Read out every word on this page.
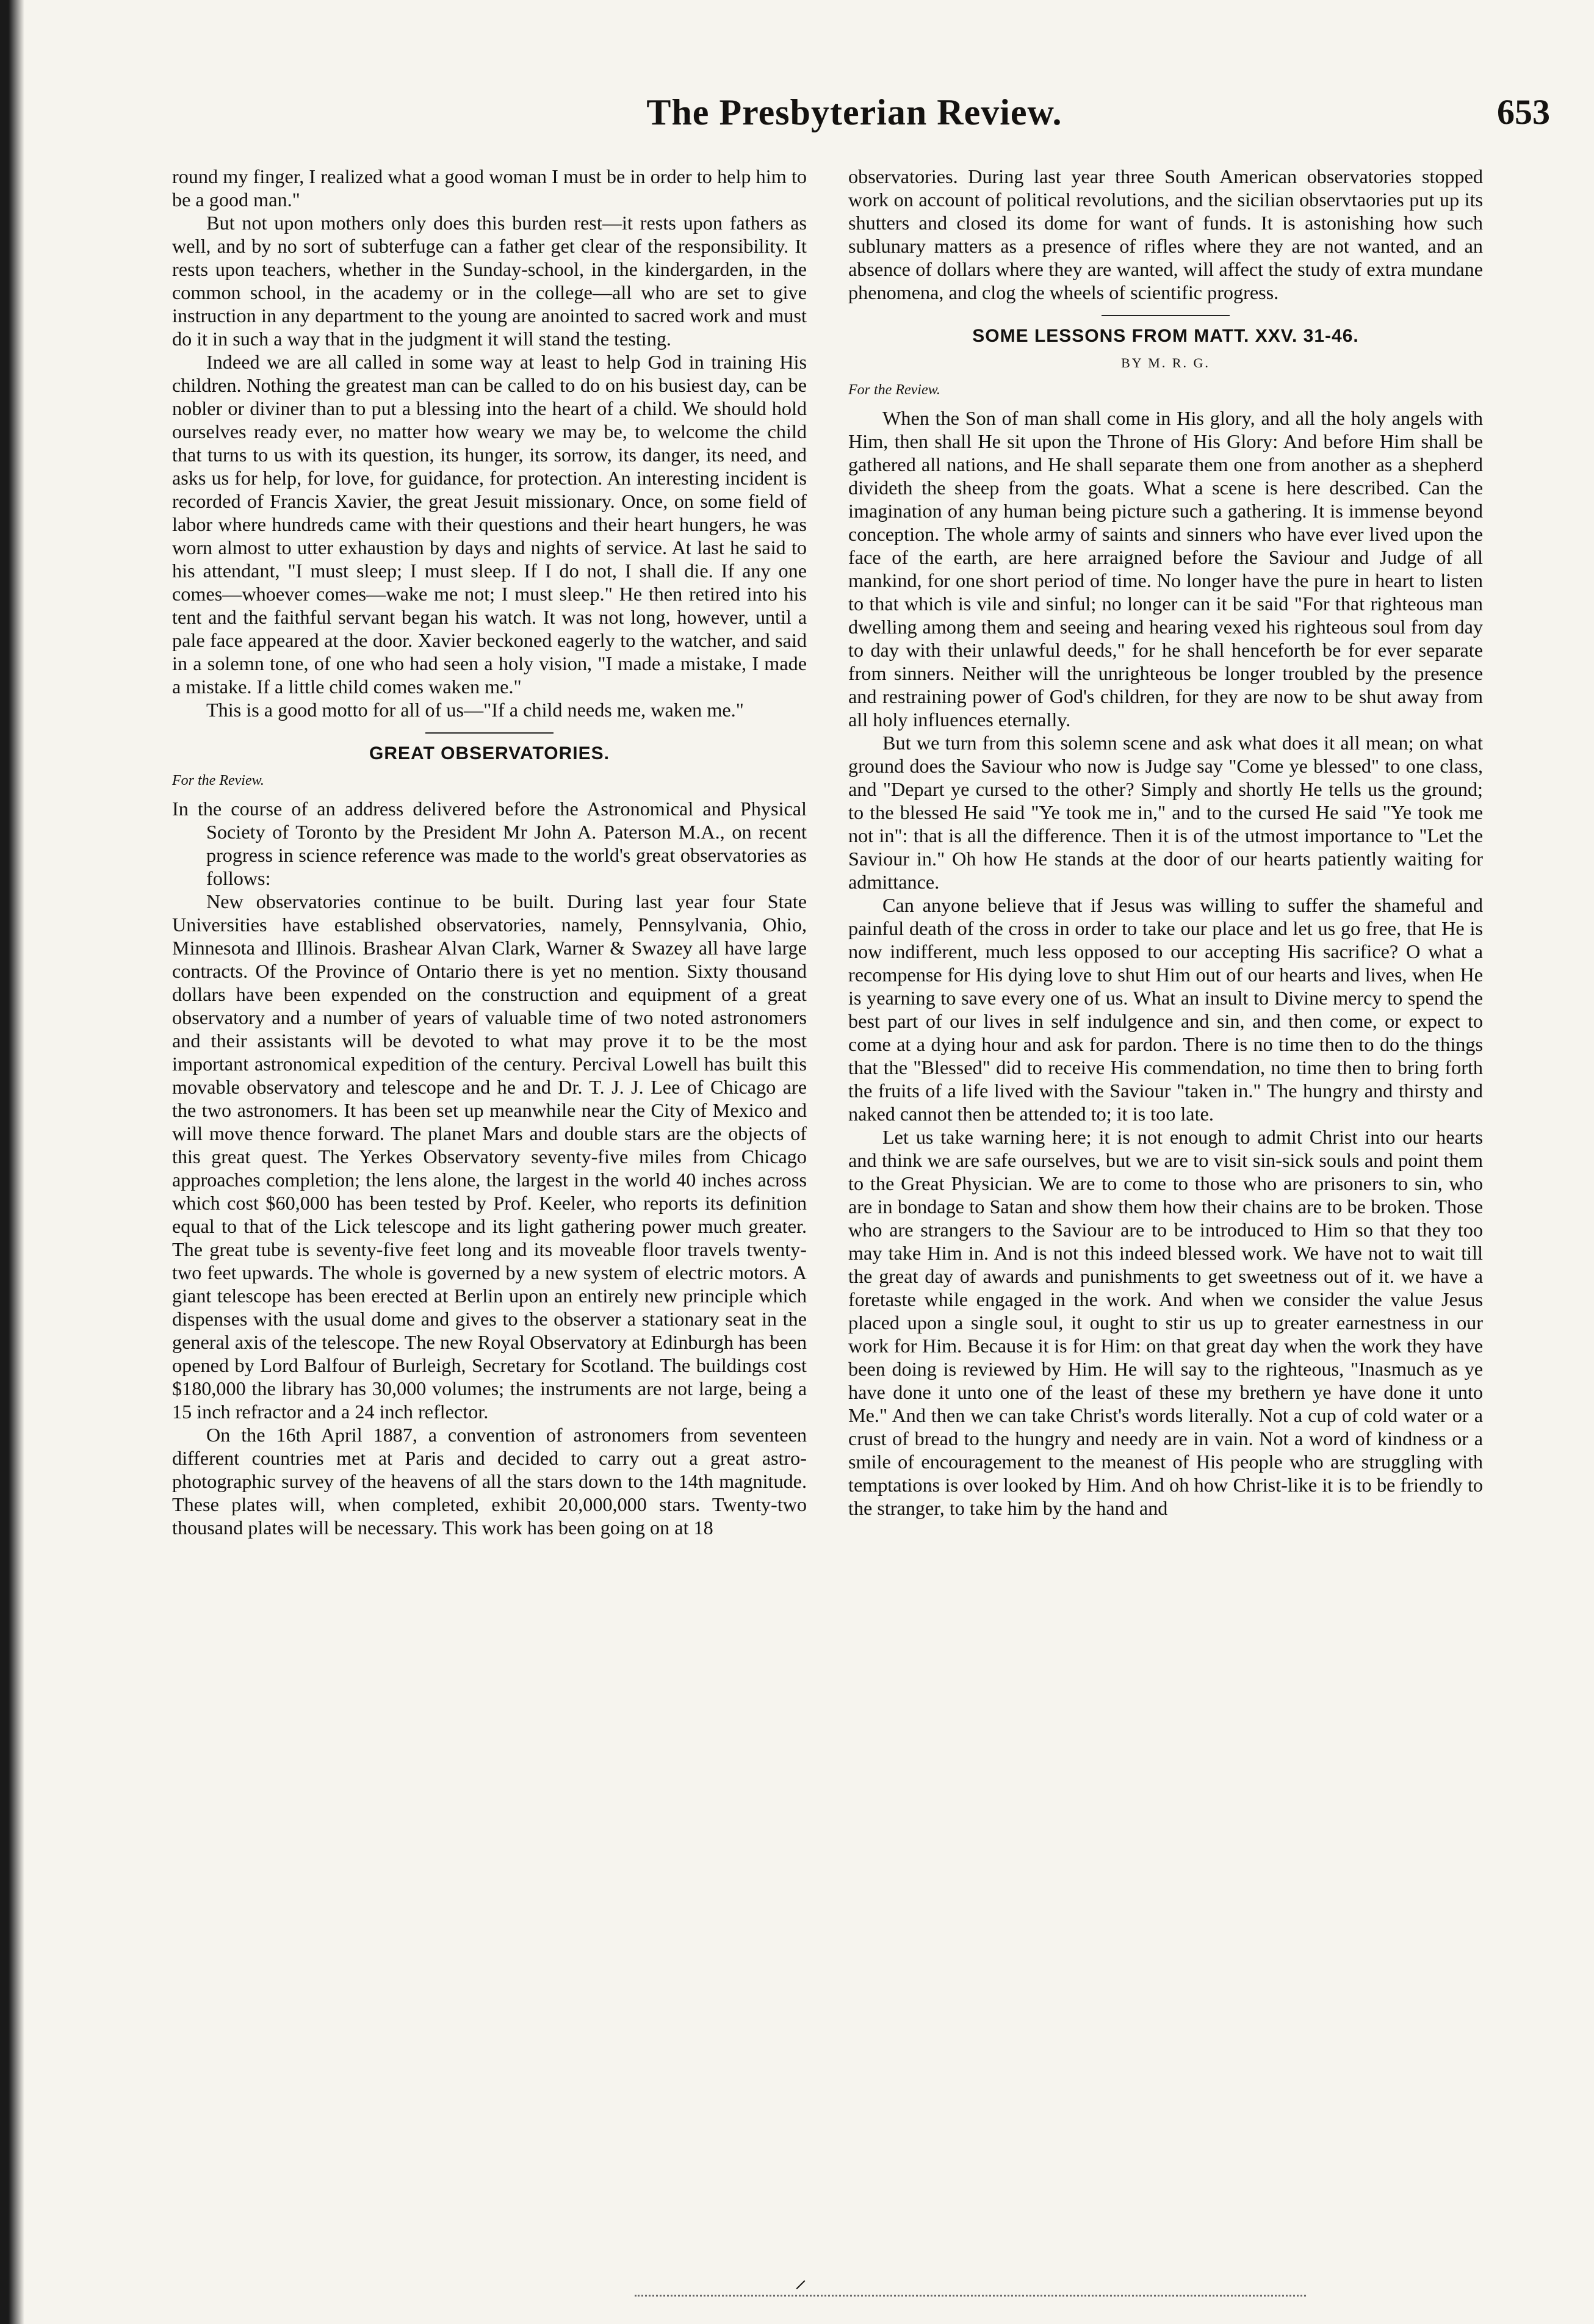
The Presbyterian Review.	653

round my finger, I realized what a good woman I must be in order to help him to be a good man."

But not upon mothers only does this burden rest—it rests upon fathers as well, and by no sort of subterfuge can a father get clear of the responsibility. It rests upon teachers, whether in the Sunday-school, in the kindergarden, in the common school, in the academy or in the college—all who are set to give instruction in any department to the young are anointed to sacred work and must do it in such a way that in the judgment it will stand the testing.

Indeed we are all called in some way at least to help God in training His children. Nothing the greatest man can be called to do on his busiest day, can be nobler or diviner than to put a blessing into the heart of a child. We should hold ourselves ready ever, no matter how weary we may be, to welcome the child that turns to us with its question, its hunger, its sorrow, its danger, its need, and asks us for help, for love, for guidance, for protection. An interesting incident is recorded of Francis Xavier, the great Jesuit missionary. Once, on some field of labor where hundreds came with their questions and their heart hungers, he was worn almost to utter exhaustion by days and nights of service. At last he said to his attendant, "I must sleep; I must sleep. If I do not, I shall die. If any one comes—whoever comes—wake me not; I must sleep." He then retired into his tent and the faithful servant began his watch. It was not long, however, until a pale face appeared at the door. Xavier beckoned eagerly to the watcher, and said in a solemn tone, of one who had seen a holy vision, "I made a mistake, I made a mistake. If a little child comes waken me."

This is a good motto for all of us—"If a child needs me, waken me."

GREAT OBSERVATORIES.
For the Review.

In the course of an address delivered before the Astronomical and Physical Society of Toronto by the President Mr John A. Paterson M.A., on recent progress in science reference was made to the world's great observatories as follows:

New observatories continue to be built. During last year four State Universities have established observatories, namely, Pennsylvania, Ohio, Minnesota and Illinois. Brashear Alvan Clark, Warner & Swazey all have large contracts. Of the Province of Ontario there is yet no mention. Sixty thousand dollars have been expended on the construction and equipment of a great observatory and a number of years of valuable time of two noted astronomers and their assistants will be devoted to what may prove it to be the most important astronomical expedition of the century. Percival Lowell has built this movable observatory and telescope and he and Dr. T. J. J. Lee of Chicago are the two astronomers. It has been set up meanwhile near the City of Mexico and will move thence forward. The planet Mars and double stars are the objects of this great quest. The Yerkes Observatory seventy-five miles from Chicago approaches completion; the lens alone, the largest in the world 40 inches across which cost $60,000 has been tested by Prof. Keeler, who reports its definition equal to that of the Lick telescope and its light gathering power much greater. The great tube is seventy-five feet long and its moveable floor travels twenty-two feet upwards. The whole is governed by a new system of electric motors. A giant telescope has been erected at Berlin upon an entirely new principle which dispenses with the usual dome and gives to the observer a stationary seat in the general axis of the telescope. The new Royal Observatory at Edinburgh has been opened by Lord Balfour of Burleigh, Secretary for Scotland. The buildings cost $180,000 the library has 30,000 volumes; the instruments are not large, being a 15 inch refractor and a 24 inch reflector.

On the 16th April 1887, a convention of astronomers from seventeen different countries met at Paris and decided to carry out a great astro-photographic survey of the heavens of all the stars down to the 14th magnitude. These plates will, when completed, exhibit 20,000,000 stars. Twenty-two thousand plates will be necessary. This work has been going on at 18

observatories. During last year three South American observatories stopped work on account of political revolutions, and the sicilian observtaories put up its shutters and closed its dome for want of funds. It is astonishing how such sublunary matters as a presence of rifles where they are not wanted, and an absence of dollars where they are wanted, will affect the study of extra mundane phenomena, and clog the wheels of scientific progress.

SOME LESSONS FROM MATT. XXV. 31-46.
BY M. R. G.
For the Review.

When the Son of man shall come in His glory, and all the holy angels with Him, then shall He sit upon the Throne of His Glory: And before Him shall be gathered all nations, and He shall separate them one from another as a shepherd divideth the sheep from the goats. What a scene is here described. Can the imagination of any human being picture such a gathering. It is immense beyond conception. The whole army of saints and sinners who have ever lived upon the face of the earth, are here arraigned before the Saviour and Judge of all mankind, for one short period of time. No longer have the pure in heart to listen to that which is vile and sinful; no longer can it be said "For that righteous man dwelling among them and seeing and hearing vexed his righteous soul from day to day with their unlawful deeds," for he shall henceforth be for ever separate from sinners. Neither will the unrighteous be longer troubled by the presence and restraining power of God's children, for they are now to be shut away from all holy influences eternally.

But we turn from this solemn scene and ask what does it all mean; on what ground does the Saviour who now is Judge say "Come ye blessed" to one class, and "Depart ye cursed to the other? Simply and shortly He tells us the ground; to the blessed He said "Ye took me in," and to the cursed He said "Ye took me not in": that is all the difference. Then it is of the utmost importance to "Let the Saviour in." Oh how He stands at the door of our hearts patiently waiting for admittance.

Can anyone believe that if Jesus was willing to suffer the shameful and painful death of the cross in order to take our place and let us go free, that He is now indifferent, much less opposed to our accepting His sacrifice? O what a recompense for His dying love to shut Him out of our hearts and lives, when He is yearning to save every one of us. What an insult to Divine mercy to spend the best part of our lives in self indulgence and sin, and then come, or expect to come at a dying hour and ask for pardon. There is no time then to do the things that the "Blessed" did to receive His commendation, no time then to bring forth the fruits of a life lived with the Saviour "taken in." The hungry and thirsty and naked cannot then be attended to; it is too late.

Let us take warning here; it is not enough to admit Christ into our hearts and think we are safe ourselves, but we are to visit sin-sick souls and point them to the Great Physician. We are to come to those who are prisoners to sin, who are in bondage to Satan and show them how their chains are to be broken. Those who are strangers to the Saviour are to be introduced to Him so that they too may take Him in. And is not this indeed blessed work. We have not to wait till the great day of awards and punishments to get sweetness out of it. we have a foretaste while engaged in the work. And when we consider the value Jesus placed upon a single soul, it ought to stir us up to greater earnestness in our work for Him. Because it is for Him: on that great day when the work they have been doing is reviewed by Him. He will say to the righteous, "Inasmuch as ye have done it unto one of the least of these my brethern ye have done it unto Me." And then we can take Christ's words literally. Not a cup of cold water or a crust of bread to the hungry and needy are in vain. Not a word of kindness or a smile of encouragement to the meanest of His people who are struggling with temptations is over looked by Him. And oh how Christ-like it is to be friendly to the stranger, to take him by the hand and

⸝
